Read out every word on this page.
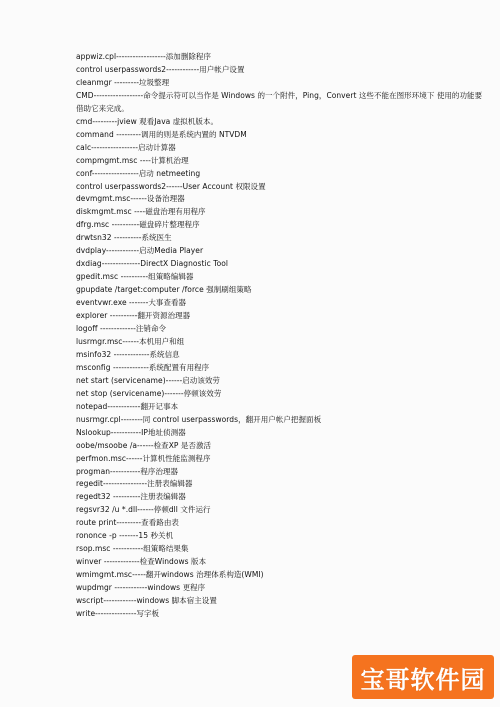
appwiz.cpl------------------添加删除程序
control userpasswords2------------用户帐户设置
cleanmgr ---------垃圾整理
CMD------------------命令提示符可以当作是 Windows 的一个附件，Ping，Convert 这些不能在图形环境下 使用的功能要借助它来完成。
cmd---------jview 观看Java 虚拟机版本。
command ---------调用的则是系统内置的 NTVDM
calc-----------------启动计算器
compmgmt.msc ----计算机治理
conf-----------------启动 netmeeting
control userpasswords2------User Account 权限设置
devmgmt.msc------设备治理器
diskmgmt.msc ----磁盘治理有用程序
dfrg.msc ----------磁盘碎片整理程序
drwtsn32 ----------系统医生
dvdplay------------启动Media Player
dxdiag--------------DirectX Diagnostic Tool
gpedit.msc ----------组策略编辑器
gpupdate /target:computer /force 强制刷组策略
eventvwr.exe -------大事查看器
explorer ----------翻开资源治理器
logoff -------------注销命令
lusrmgr.msc------本机用户和组
msinfo32 -------------系统信息
msconfig -------------系统配置有用程序
net start (servicename)------启动该效劳
net stop (servicename)-------停顿该效劳
notepad------------翻开记事本
nusrmgr.cpl--------同 control userpasswords，翻开用户帐户把握面板
Nslookup-----------IP地址侦测器
oobe/msoobe /a------检查XP 是否激活
perfmon.msc------计算机性能监测程序
progman-----------程序治理器
regedit----------------注册表编辑器
regedt32 ----------注册表编辑器
regsvr32 /u *.dll------停顿dll 文件运行
route print---------查看路由表
rononce -p -------15 秒关机
rsop.msc -----------组策略结果集
winver -------------检查Windows 版本
wmimgmt.msc-----翻开windows 治理体系构造(WMI)
wupdmgr ------------windows 更程序
wscript------------windows 脚本宿主设置
write---------------写字板
宝哥软件园
